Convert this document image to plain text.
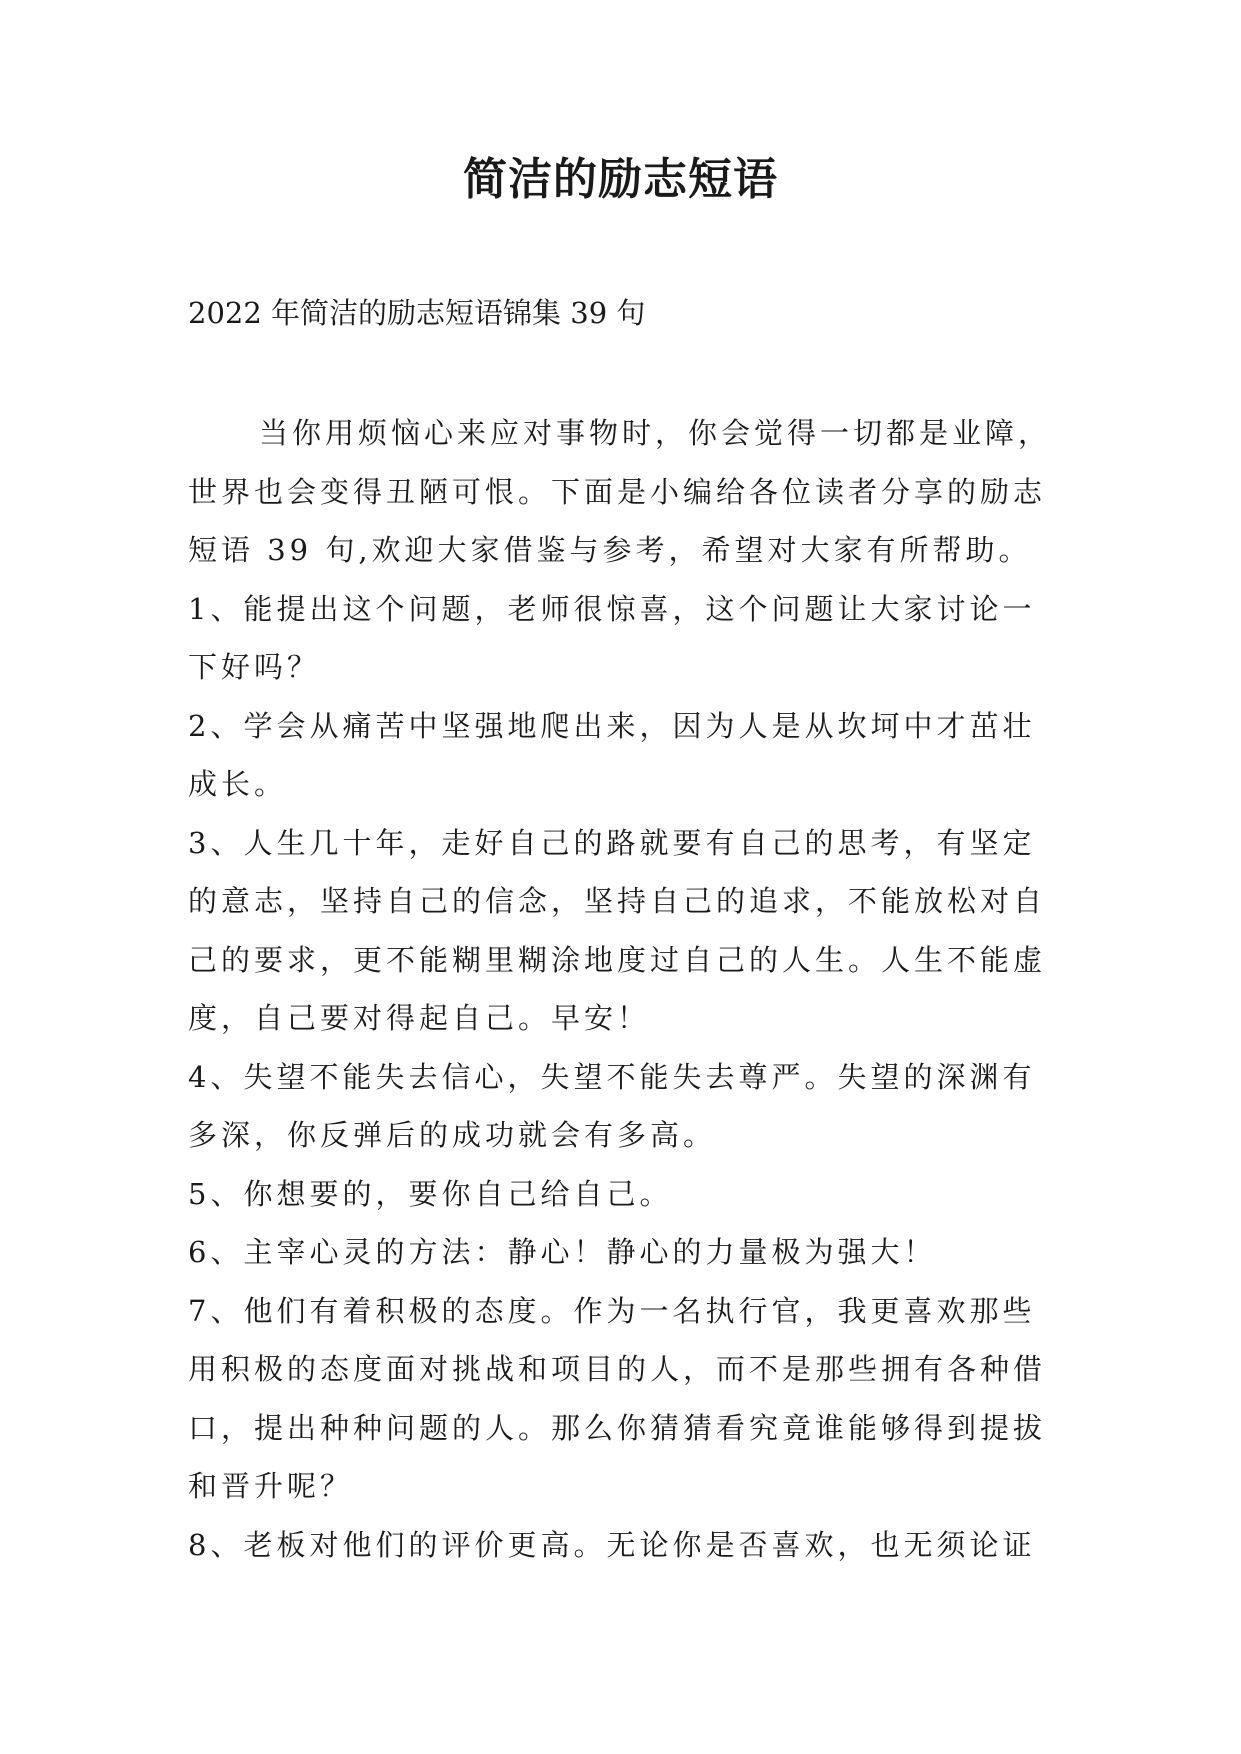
简洁的励志短语
2022 年简洁的励志短语锦集 39 句
当你用烦恼心来应对事物时，你会觉得一切都是业障，
世界也会变得丑陋可恨。下面是小编给各位读者分享的励志
短语 39 句,欢迎大家借鉴与参考，希望对大家有所帮助。
1、能提出这个问题，老师很惊喜，这个问题让大家讨论一
下好吗？
2、学会从痛苦中坚强地爬出来，因为人是从坎坷中才茁壮
成长。
3、人生几十年，走好自己的路就要有自己的思考，有坚定
的意志，坚持自己的信念，坚持自己的追求，不能放松对自
己的要求，更不能糊里糊涂地度过自己的人生。人生不能虚
度，自己要对得起自己。早安！
4、失望不能失去信心，失望不能失去尊严。失望的深渊有
多深，你反弹后的成功就会有多高。
5、你想要的，要你自己给自己。
6、主宰心灵的方法：静心！静心的力量极为强大！
7、他们有着积极的态度。作为一名执行官，我更喜欢那些
用积极的态度面对挑战和项目的人，而不是那些拥有各种借
口，提出种种问题的人。那么你猜猜看究竟谁能够得到提拔
和晋升呢？
8、老板对他们的评价更高。无论你是否喜欢，也无须论证
